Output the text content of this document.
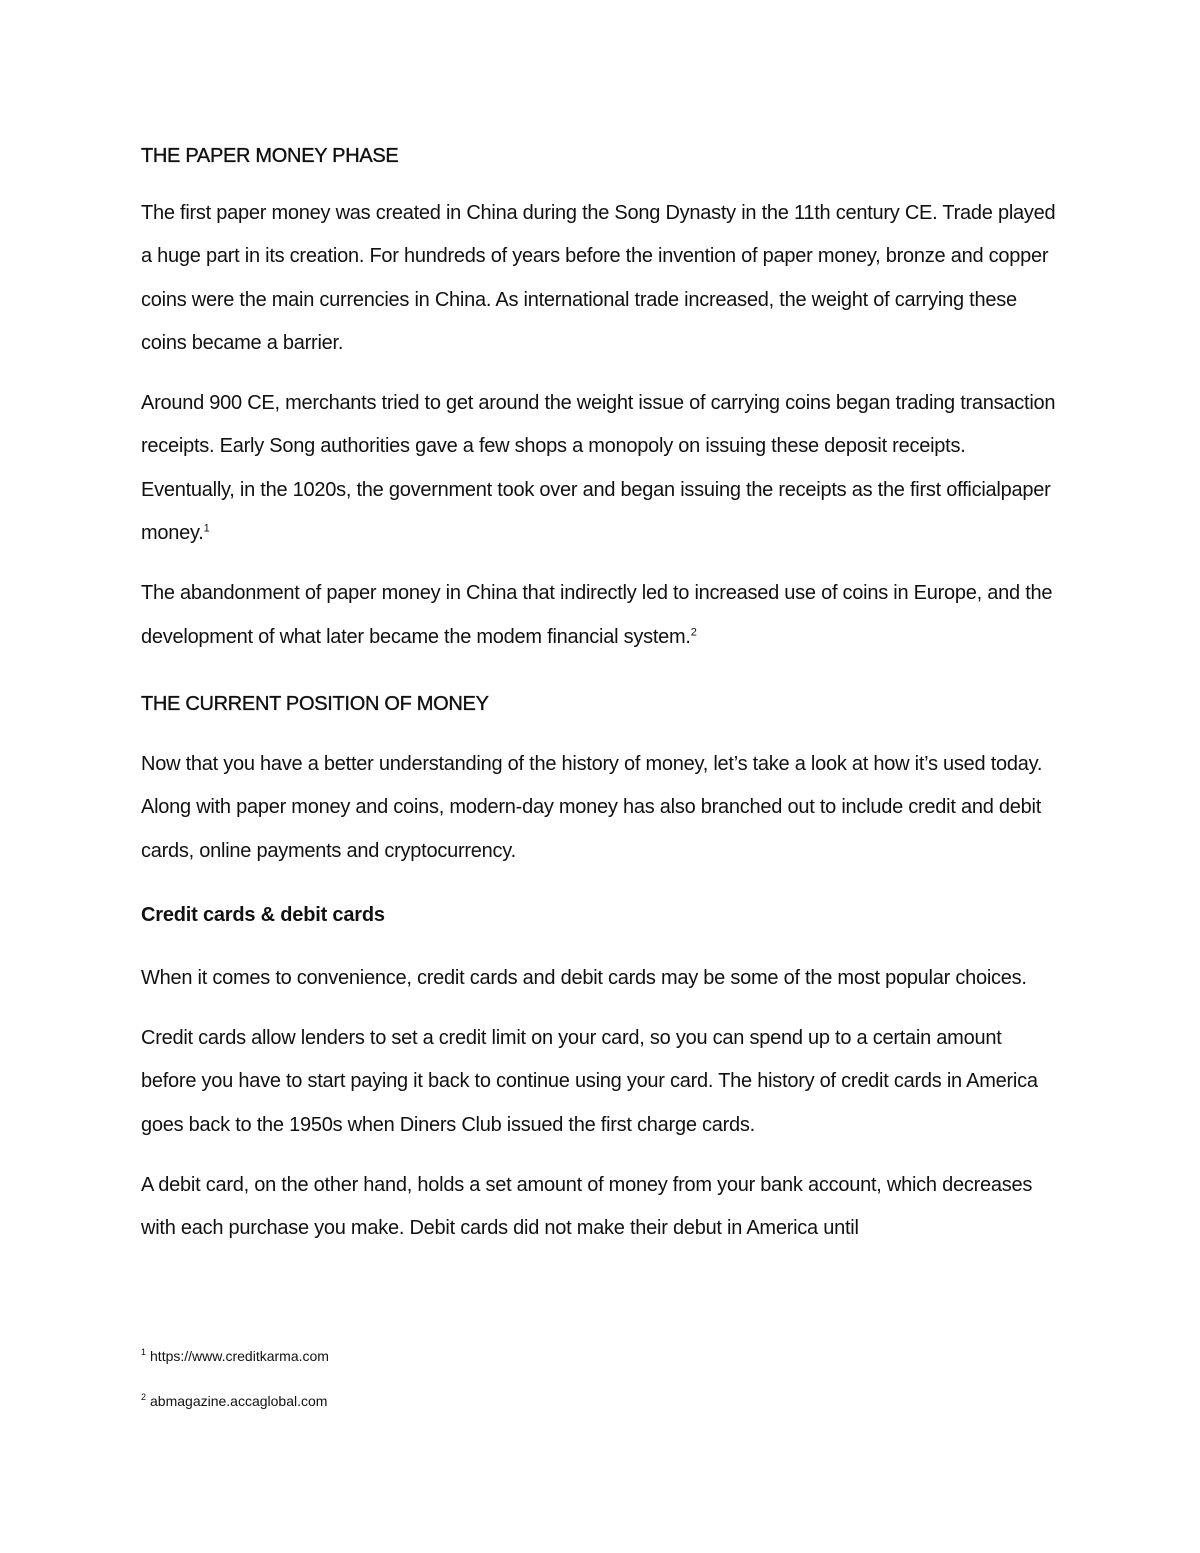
THE PAPER MONEY PHASE

The first paper money was created in China during the Song Dynasty in the 11th century CE. Trade played a huge part in its creation. For hundreds of years before the invention of paper money, bronze and copper coins were the main currencies in China. As international trade increased, the weight of carrying these coins became a barrier.

Around 900 CE, merchants tried to get around the weight issue of carrying coins began trading transaction receipts. Early Song authorities gave a few shops a monopoly on issuing these deposit receipts. Eventually, in the 1020s, the government took over and began issuing the receipts as the first officialpaper money.$^1$

The abandonment of paper money in China that indirectly led to increased use of coins in Europe, and the development of what later became the modem financial system.$^2$

THE CURRENT POSITION OF MONEY

Now that you have a better understanding of the history of money, let’s take a look at how it’s used today. Along with paper money and coins, modern-day money has also branched out to include credit and debit cards, online payments and cryptocurrency.

Credit cards & debit cards

When it comes to convenience, credit cards and debit cards may be some of the most popular choices.

Credit cards allow lenders to set a credit limit on your card, so you can spend up to a certain amount before you have to start paying it back to continue using your card. The history of credit cards in America goes back to the 1950s when Diners Club issued the first charge cards.

A debit card, on the other hand, holds a set amount of money from your bank account, which decreases with each purchase you make. Debit cards did not make their debut in America until

$^1$ https://www.creditkarma.com
$^2$ abmagazine.accaglobal.com
